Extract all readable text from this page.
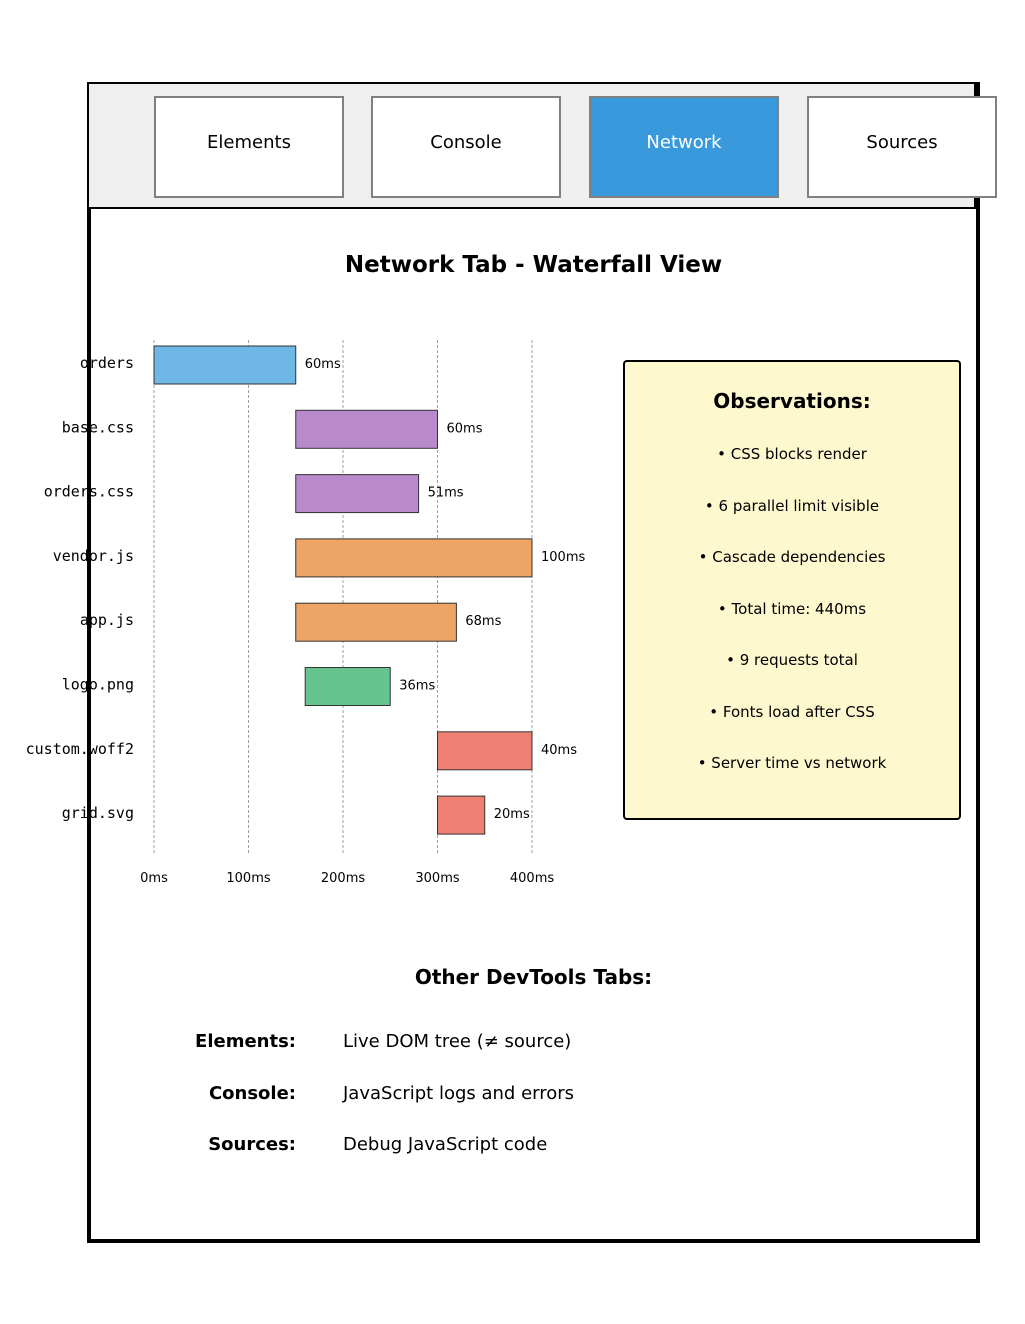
Elements	Console	Network	Sources
Network Tab - Waterfall View
0ms	100ms	200ms	300ms	400ms
orders	60ms
base.css	60ms
orders.css	51ms
vendor.js	100ms
app.js	68ms
logo.png	36ms
custom.woff2	40ms
grid.svg	20ms
Observations:
• CSS blocks render
• 6 parallel limit visible
• Cascade dependencies
• Total time: 440ms
• 9 requests total
• Fonts load after CSS
• Server time vs network
Other DevTools Tabs:
Elements:	Live DOM tree (≠ source)
Console:	JavaScript logs and errors
Sources:	Debug JavaScript code
